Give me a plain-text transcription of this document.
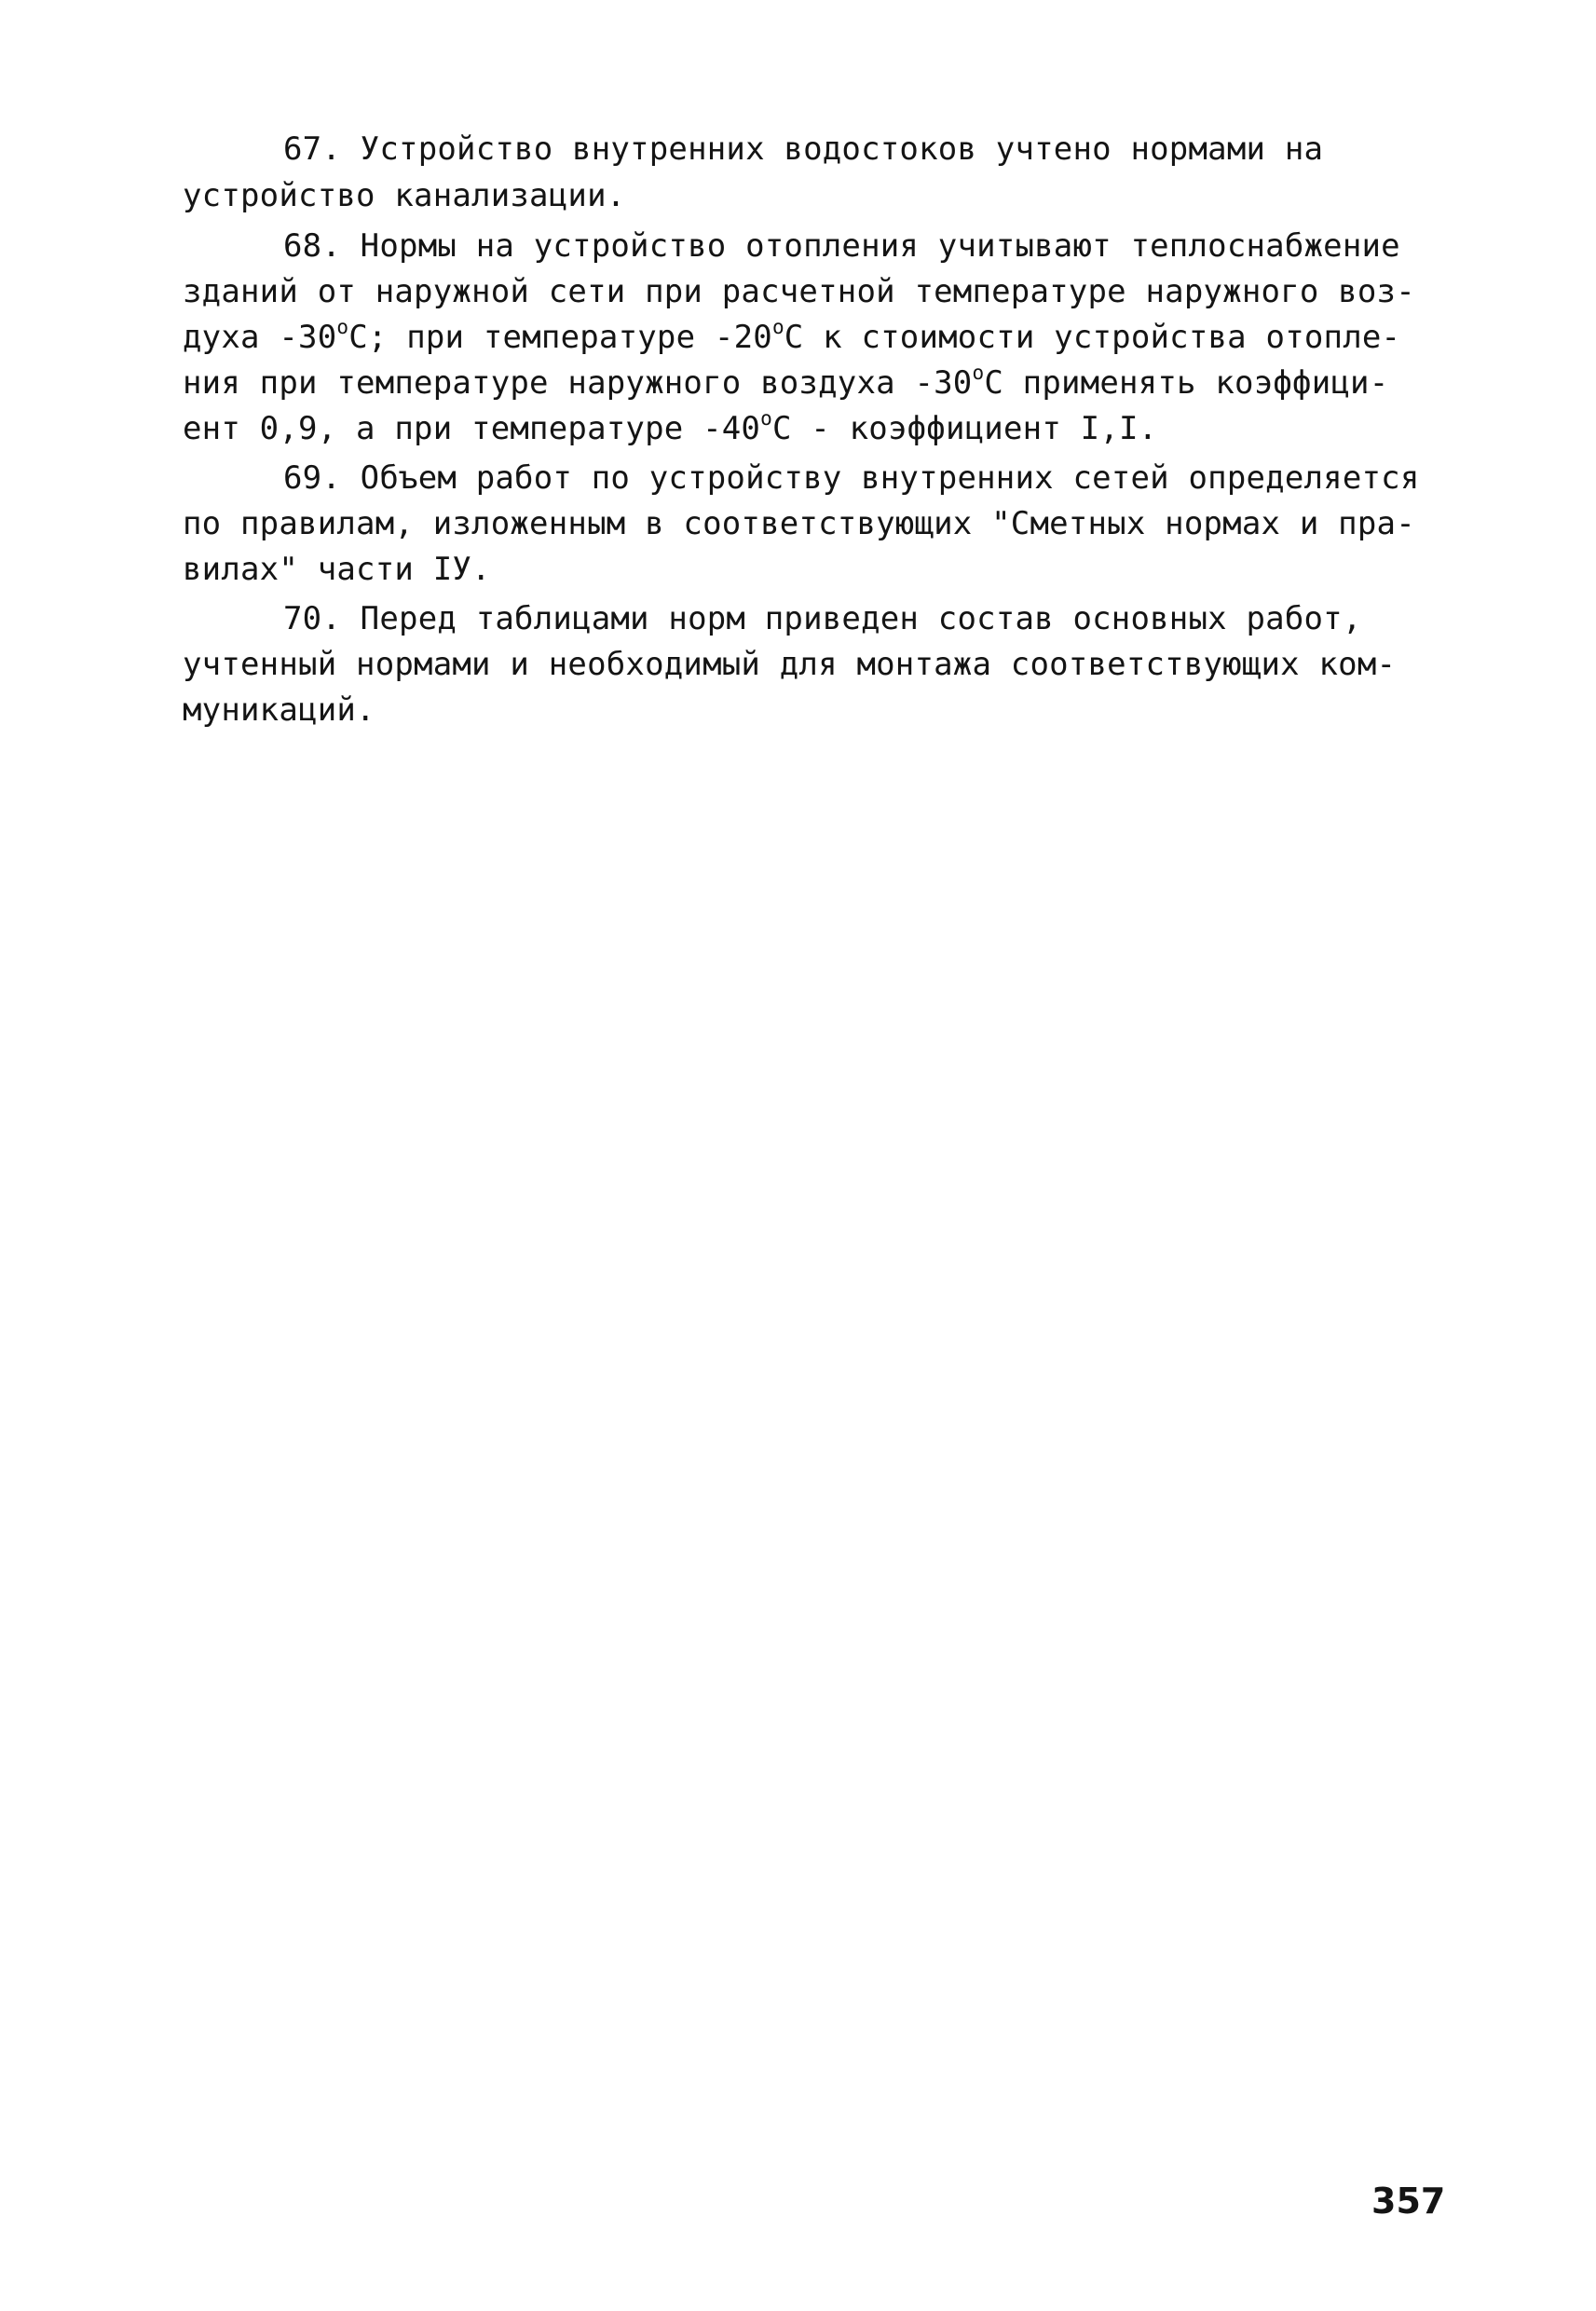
67. Устройство внутренних водостоков учтено нормами на
устройство канализации.
68. Нормы на устройство отопления учитывают теплоснабжение
зданий от наружной сети при расчетной температуре наружного воз-
духа -30$^o$С; при температуре -20$^o$С к стоимости устройства отопле-
ния при температуре наружного воздуха -30$^o$С применять коэффици-
ент 0,9, а при температуре -40$^o$С - коэффициент I,I.
69. Объем работ по устройству внутренних сетей определяется
по правилам, изложенным в соответствующих "Сметных нормах и пра-
вилах" части IУ.
70. Перед таблицами норм приведен состав основных работ,
учтенный нормами и необходимый для монтажа соответствующих ком-
муникаций.
357
